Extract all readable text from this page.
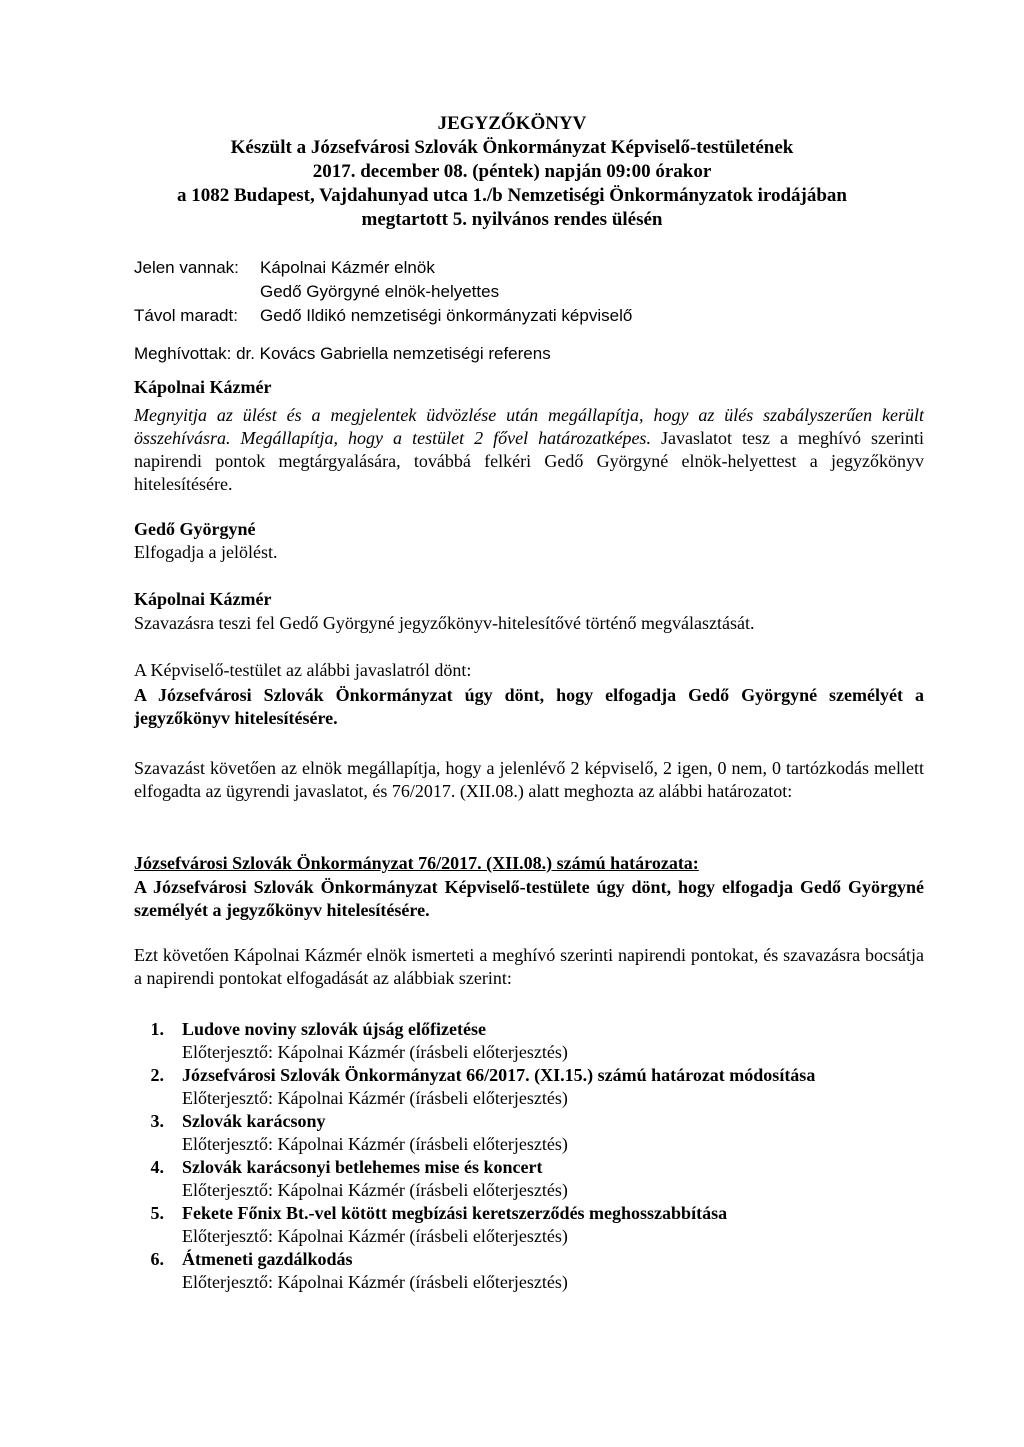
JEGYZŐKÖNYV
Készült a Józsefvárosi Szlovák Önkormányzat Képviselő-testületének
2017. december 08. (péntek) napján 09:00 órakor
a 1082 Budapest, Vajdahunyad utca 1./b Nemzetiségi Önkormányzatok irodájában
megtartott 5. nyilvános rendes ülésén
Jelen vannak:	Kápolnai Kázmér elnök
Gedő Györgyné elnök-helyettes
Távol maradt:	Gedő Ildikó nemzetiségi önkormányzati képviselő
Meghívottak: dr. Kovács Gabriella nemzetiségi referens
Kápolnai Kázmér
Megnyitja az ülést és a megjelentek üdvözlése után megállapítja, hogy az ülés szabályszerűen került összehívásra. Megállapítja, hogy a testület 2 fővel határozatképes. Javaslatot tesz a meghívó szerinti napirendi pontok megtárgyalására, továbbá felkéri Gedő Györgyné elnök-helyettest a jegyzőkönyv hitelesítésére.
Gedő Györgyné
Elfogadja a jelölést.
Kápolnai Kázmér
Szavazásra teszi fel Gedő Györgyné jegyzőkönyv-hitelesítővé történő megválasztását.
A Képviselő-testület az alábbi javaslatról dönt:
A Józsefvárosi Szlovák Önkormányzat úgy dönt, hogy elfogadja Gedő Györgyné személyét a jegyzőkönyv hitelesítésére.
Szavazást követően az elnök megállapítja, hogy a jelenlévő 2 képviselő, 2 igen, 0 nem, 0 tartózkodás mellett elfogadta az ügyrendi javaslatot, és 76/2017. (XII.08.) alatt meghozta az alábbi határozatot:
Józsefvárosi Szlovák Önkormányzat 76/2017. (XII.08.) számú határozata:
A Józsefvárosi Szlovák Önkormányzat Képviselő-testülete úgy dönt, hogy elfogadja Gedő Györgyné személyét a jegyzőkönyv hitelesítésére.
Ezt követően Kápolnai Kázmér elnök ismerteti a meghívó szerinti napirendi pontokat, és szavazásra bocsátja a napirendi pontokat elfogadását az alábbiak szerint:
1. Ludove noviny szlovák újság előfizetése
Előterjesztő: Kápolnai Kázmér (írásbeli előterjesztés)
2. Józsefvárosi Szlovák Önkormányzat 66/2017. (XI.15.) számú határozat módosítása
Előterjesztő: Kápolnai Kázmér (írásbeli előterjesztés)
3. Szlovák karácsony
Előterjesztő: Kápolnai Kázmér (írásbeli előterjesztés)
4. Szlovák karácsonyi betlehemes mise és koncert
Előterjesztő: Kápolnai Kázmér (írásbeli előterjesztés)
5. Fekete Főnix Bt.-vel kötött megbízási keretszerződés meghosszabbítása
Előterjesztő: Kápolnai Kázmér (írásbeli előterjesztés)
6. Átmeneti gazdálkodás
Előterjesztő: Kápolnai Kázmér (írásbeli előterjesztés)
